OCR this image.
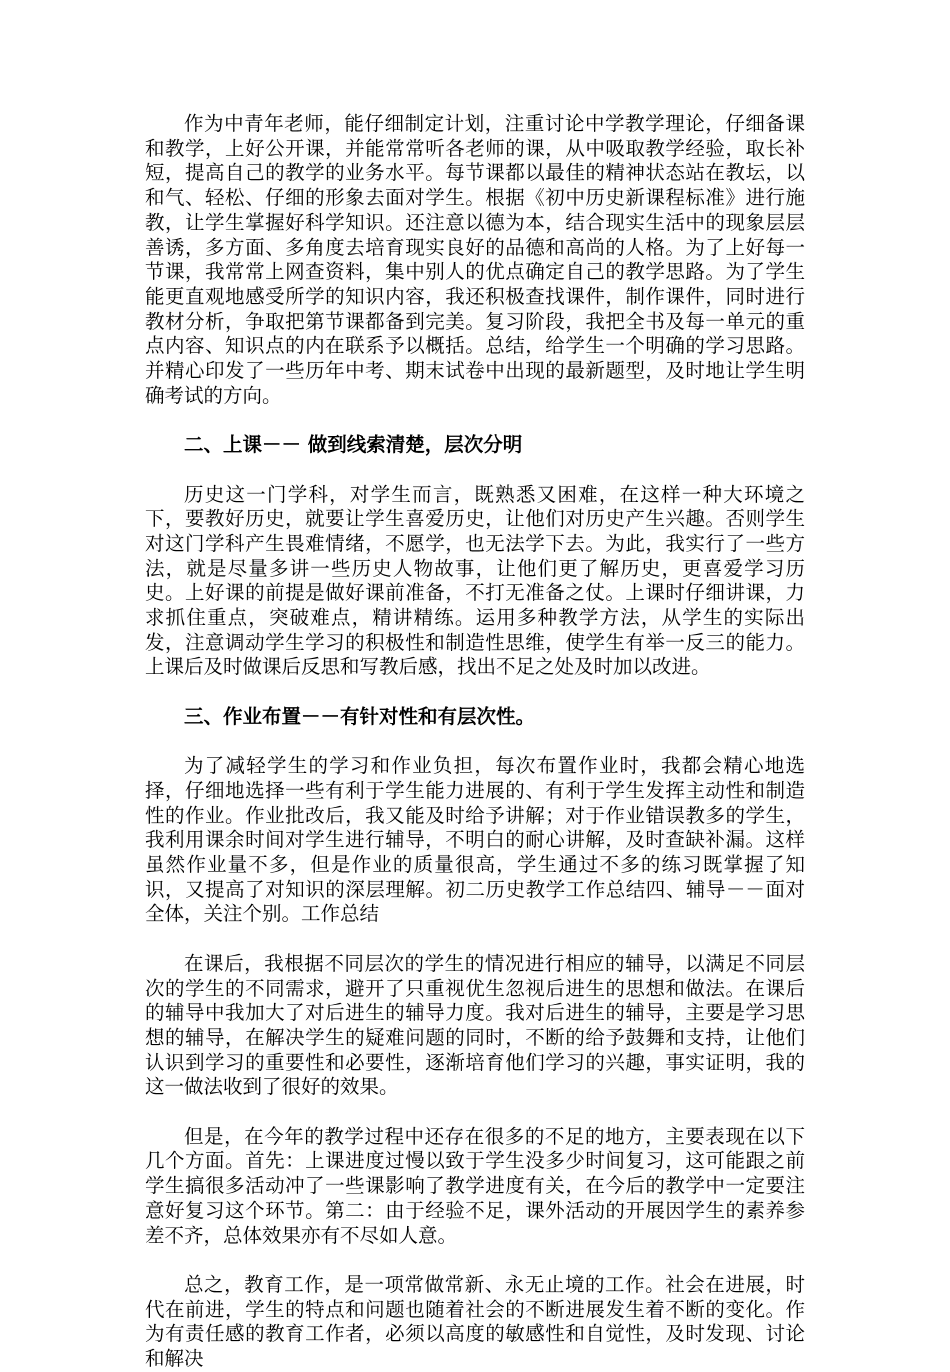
作为中青年老师，能仔细制定计划，注重讨论中学教学理论，仔细备课和教学，上好公开课，并能常常听各老师的课，从中吸取教学经验，取长补短，提高自己的教学的业务水平。每节课都以最佳的精神状态站在教坛，以和气、轻松、仔细的形象去面对学生。根据《初中历史新课程标准》进行施教，让学生掌握好科学知识。还注意以德为本，结合现实生活中的现象层层善诱，多方面、多角度去培育现实良好的品德和高尚的人格。为了上好每一节课，我常常上网查资料，集中别人的优点确定自己的教学思路。为了学生能更直观地感受所学的知识内容，我还积极查找课件，制作课件，同时进行教材分析，争取把第节课都备到完美。复习阶段，我把全书及每一单元的重点内容、知识点的内在联系予以概括。总结，给学生一个明确的学习思路。并精心印发了一些历年中考、期末试卷中出现的最新题型，及时地让学生明确考试的方向。

二、上课－－ 做到线索清楚，层次分明

历史这一门学科，对学生而言，既熟悉又困难，在这样一种大环境之下，要教好历史，就要让学生喜爱历史，让他们对历史产生兴趣。否则学生对这门学科产生畏难情绪，不愿学，也无法学下去。为此，我实行了一些方法，就是尽量多讲一些历史人物故事，让他们更了解历史，更喜爱学习历史。上好课的前提是做好课前准备，不打无准备之仗。上课时仔细讲课，力求抓住重点，突破难点，精讲精练。运用多种教学方法，从学生的实际出发，注意调动学生学习的积极性和制造性思维，使学生有举一反三的能力。上课后及时做课后反思和写教后感，找出不足之处及时加以改进。

三、作业布置－－有针对性和有层次性。

为了减轻学生的学习和作业负担，每次布置作业时，我都会精心地选择，仔细地选择一些有利于学生能力进展的、有利于学生发挥主动性和制造性的作业。作业批改后，我又能及时给予讲解；对于作业错误教多的学生，我利用课余时间对学生进行辅导，不明白的耐心讲解，及时查缺补漏。这样虽然作业量不多，但是作业的质量很高，学生通过不多的练习既掌握了知识，又提高了对知识的深层理解。初二历史教学工作总结四、辅导－－面对全体，关注个别。工作总结

在课后，我根据不同层次的学生的情况进行相应的辅导，以满足不同层次的学生的不同需求，避开了只重视优生忽视后进生的思想和做法。在课后的辅导中我加大了对后进生的辅导力度。我对后进生的辅导，主要是学习思想的辅导，在解决学生的疑难问题的同时，不断的给予鼓舞和支持，让他们认识到学习的重要性和必要性，逐渐培育他们学习的兴趣，事实证明，我的这一做法收到了很好的效果。

但是，在今年的教学过程中还存在很多的不足的地方，主要表现在以下几个方面。首先：上课进度过慢以致于学生没多少时间复习，这可能跟之前学生搞很多活动冲了一些课影响了教学进度有关，在今后的教学中一定要注意好复习这个环节。第二：由于经验不足，课外活动的开展因学生的素养参差不齐，总体效果亦有不尽如人意。

总之，教育工作，是一项常做常新、永无止境的工作。社会在进展，时代在前进，学生的特点和问题也随着社会的不断进展发生着不断的变化。作为有责任感的教育工作者，必须以高度的敏感性和自觉性，及时发现、讨论和解决
